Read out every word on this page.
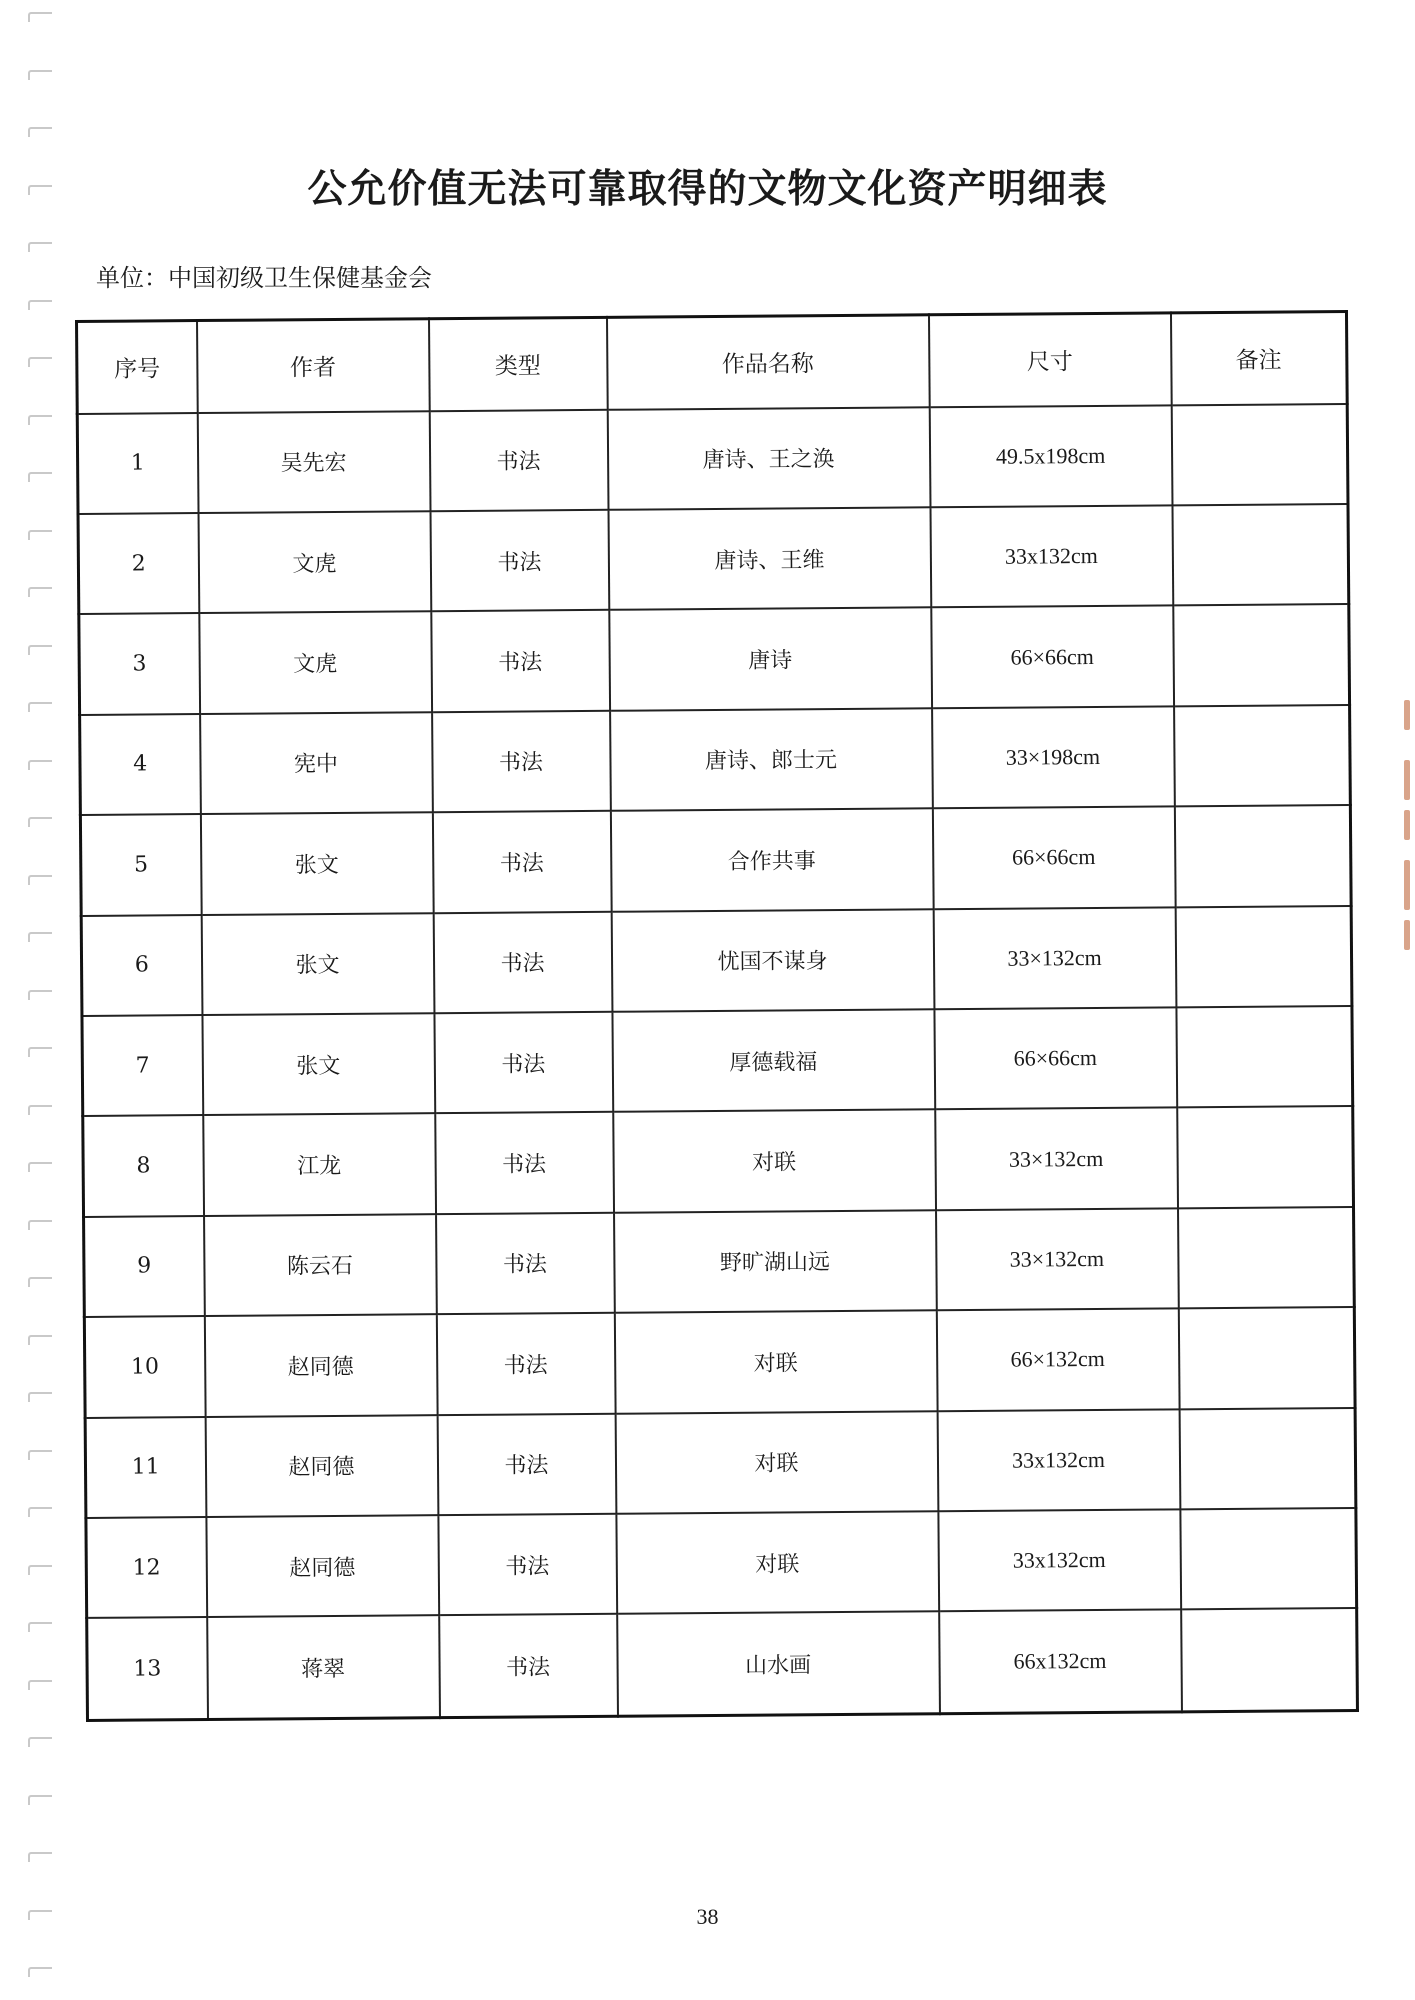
公允价值无法可靠取得的文物文化资产明细表
单位：中国初级卫生保健基金会
序号	作者	类型	作品名称	尺寸	备注
1	吴先宏	书法	唐诗、王之涣	49.5x198cm	
2	文虎	书法	唐诗、王维	33x132cm	
3	文虎	书法	唐诗	66×66cm	
4	宪中	书法	唐诗、郎士元	33×198cm	
5	张文	书法	合作共事	66×66cm	
6	张文	书法	忧国不谋身	33×132cm	
7	张文	书法	厚德载福	66×66cm	
8	江龙	书法	对联	33×132cm	
9	陈云石	书法	野旷湖山远	33×132cm	
10	赵同德	书法	对联	66×132cm	
11	赵同德	书法	对联	33x132cm	
12	赵同德	书法	对联	33x132cm	
13	蒋翠	书法	山水画	66x132cm	
38
